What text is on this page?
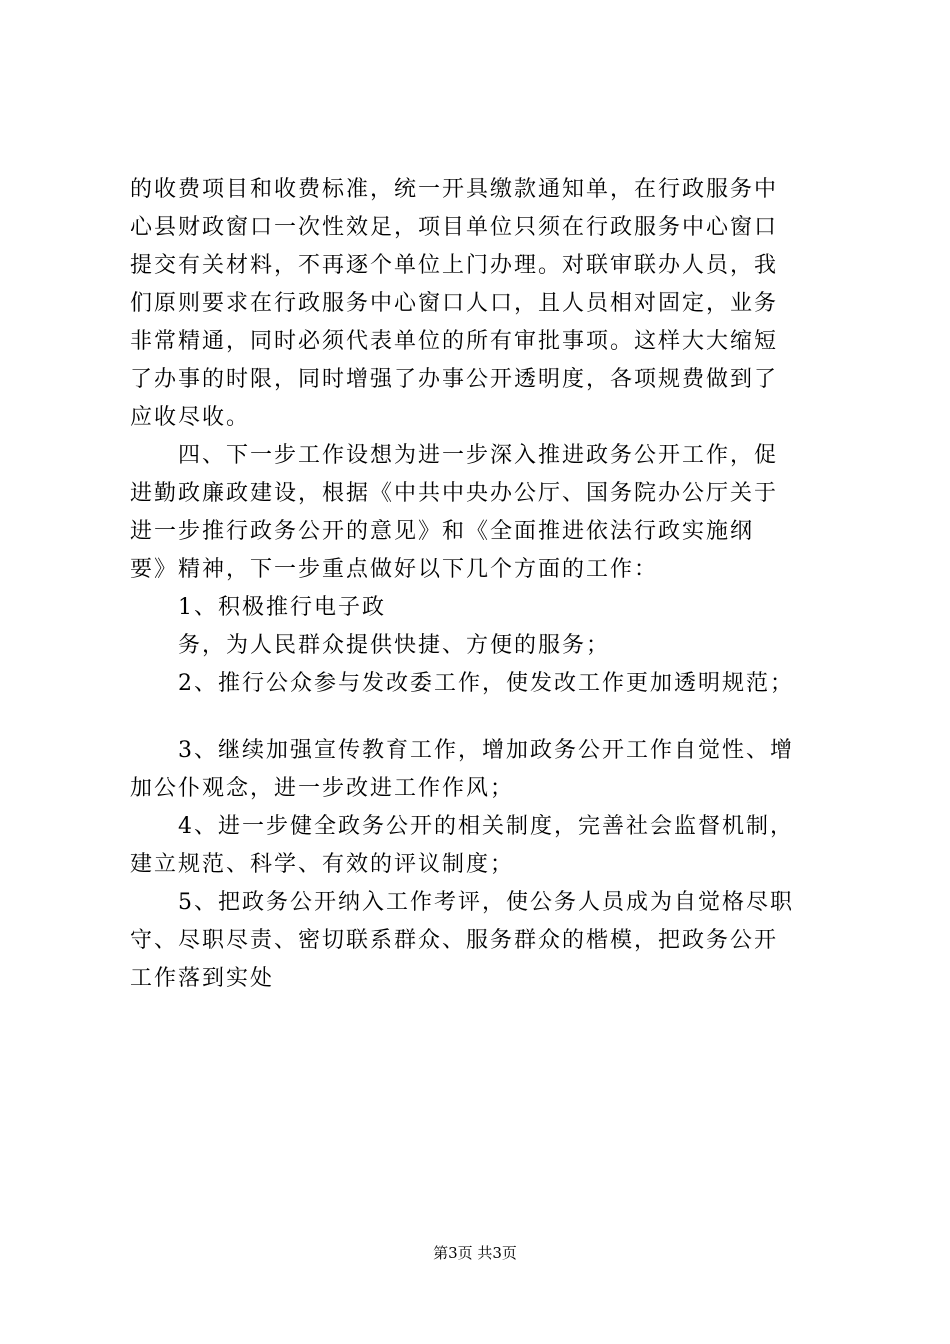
的收费项目和收费标准，统一开具缴款通知单，在行政服务中
心县财政窗口一次性效足，项目单位只须在行政服务中心窗口
提交有关材料，不再逐个单位上门办理。对联审联办人员，我
们原则要求在行政服务中心窗口人口，且人员相对固定，业务
非常精通，同时必须代表单位的所有审批事项。这样大大缩短
了办事的时限，同时增强了办事公开透明度，各项规费做到了
应收尽收。
　　四、下一步工作设想为进一步深入推进政务公开工作，促
进勤政廉政建设，根据《中共中央办公厅、国务院办公厅关于
进一步推行政务公开的意见》和《全面推进依法行政实施纲
要》精神，下一步重点做好以下几个方面的工作：
　　1、积极推行电子政
　　务，为人民群众提供快捷、方便的服务；
　　2、推行公众参与发改委工作，使发改工作更加透明规范；
　　3、继续加强宣传教育工作，增加政务公开工作自觉性、增
加公仆观念，进一步改进工作作风；
　　4、进一步健全政务公开的相关制度，完善社会监督机制，
建立规范、科学、有效的评议制度；
　　5、把政务公开纳入工作考评，使公务人员成为自觉格尽职
守、尽职尽责、密切联系群众、服务群众的楷模，把政务公开
工作落到实处
第3页 共3页
